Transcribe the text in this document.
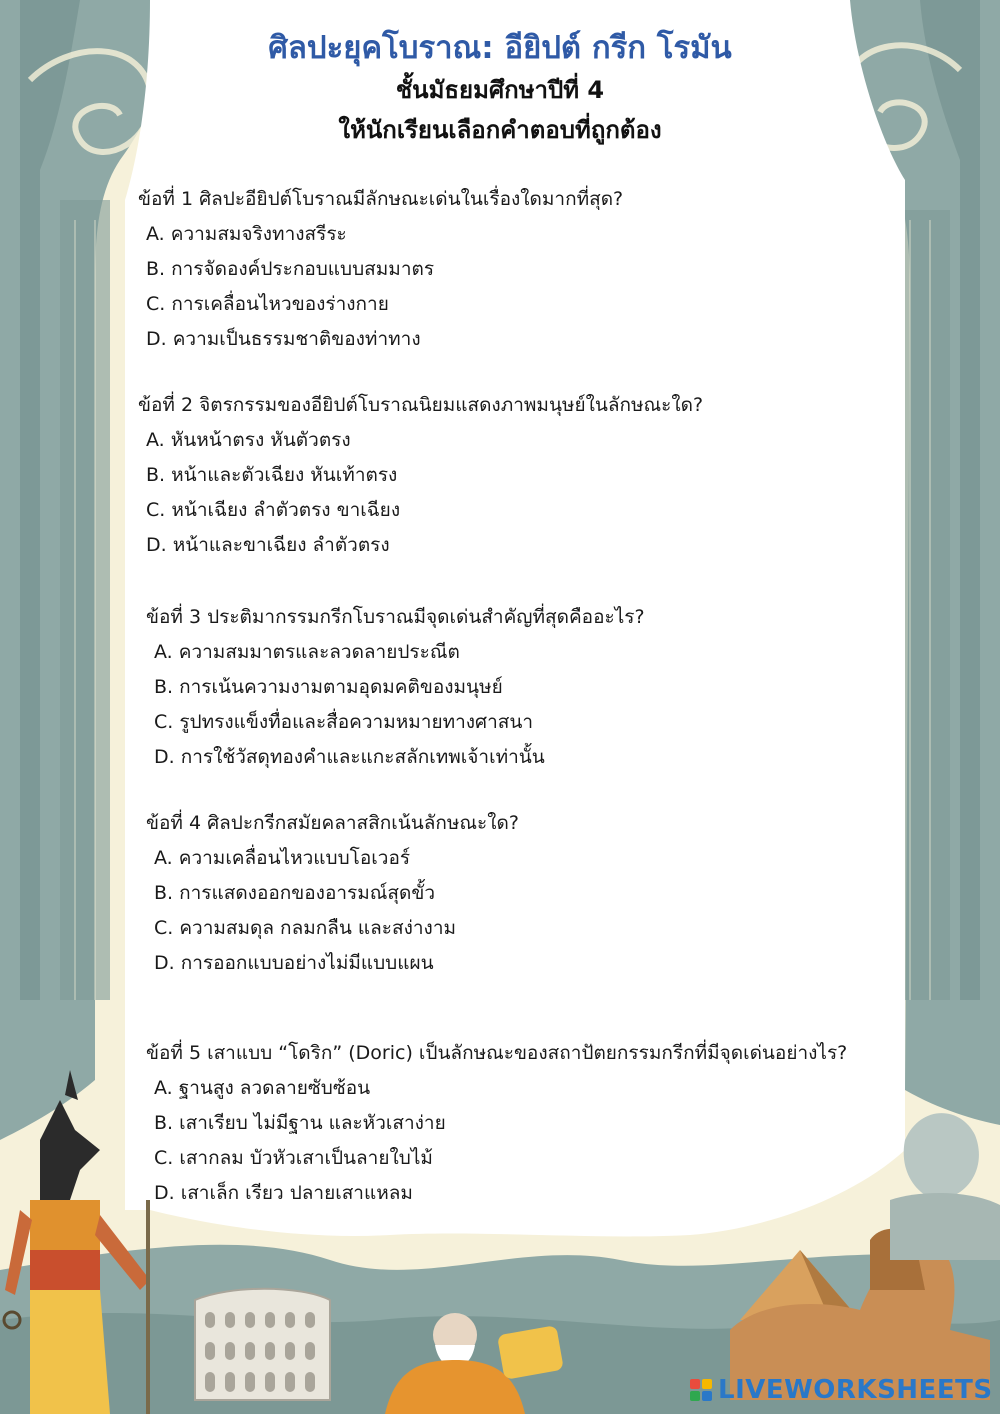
ศิลปะยุคโบราณ: อียิปต์ กรีก โรมัน
ชั้นมัธยมศึกษาปีที่ 4
ให้นักเรียนเลือกคำตอบที่ถูกต้อง
ข้อที่ 1 ศิลปะอียิปต์โบราณมีลักษณะเด่นในเรื่องใดมากที่สุด?
A. ความสมจริงทางสรีระ
B. การจัดองค์ประกอบแบบสมมาตร
C. การเคลื่อนไหวของร่างกาย
D. ความเป็นธรรมชาติของท่าทาง
ข้อที่ 2 จิตรกรรมของอียิปต์โบราณนิยมแสดงภาพมนุษย์ในลักษณะใด?
A. หันหน้าตรง หันตัวตรง
B. หน้าและตัวเฉียง หันเท้าตรง
C. หน้าเฉียง ลำตัวตรง ขาเฉียง
D. หน้าและขาเฉียง ลำตัวตรง
ข้อที่ 3 ประติมากรรมกรีกโบราณมีจุดเด่นสำคัญที่สุดคืออะไร?
A. ความสมมาตรและลวดลายประณีต
B. การเน้นความงามตามอุดมคติของมนุษย์
C. รูปทรงแข็งทื่อและสื่อความหมายทางศาสนา
D. การใช้วัสดุทองคำและแกะสลักเทพเจ้าเท่านั้น
ข้อที่ 4 ศิลปะกรีกสมัยคลาสสิกเน้นลักษณะใด?
A. ความเคลื่อนไหวแบบโอเวอร์
B. การแสดงออกของอารมณ์สุดขั้ว
C. ความสมดุล กลมกลืน และสง่างาม
D. การออกแบบอย่างไม่มีแบบแผน
ข้อที่ 5 เสาแบบ “โดริก” (Doric) เป็นลักษณะของสถาปัตยกรรมกรีกที่มีจุดเด่นอย่างไร?
A. ฐานสูง ลวดลายซับซ้อน
B. เสาเรียบ ไม่มีฐาน และหัวเสาง่าย
C. เสากลม บัวหัวเสาเป็นลายใบไม้
D. เสาเล็ก เรียว ปลายเสาแหลม
LIVEWORKSHEETS
